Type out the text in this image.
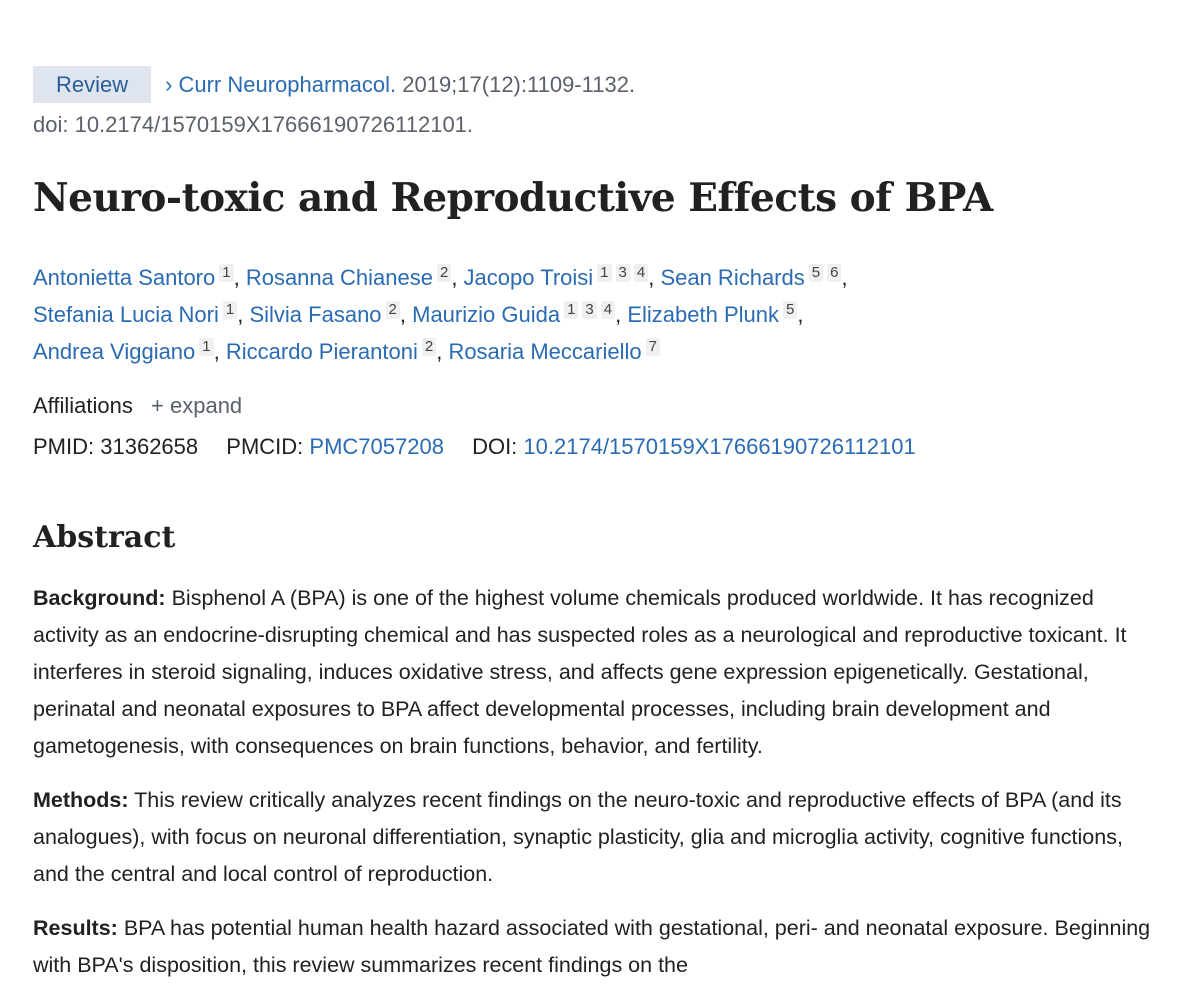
Review › Curr Neuropharmacol. 2019;17(12):1109-1132.
doi: 10.2174/1570159X17666190726112101.
Neuro-toxic and Reproductive Effects of BPA
Antonietta Santoro 1 , Rosanna Chianese 2 , Jacopo Troisi 1 3 4 , Sean Richards 5 6 ,
Stefania Lucia Nori 1 , Silvia Fasano 2 , Maurizio Guida 1 3 4 , Elizabeth Plunk 5 ,
Andrea Viggiano 1 , Riccardo Pierantoni 2 , Rosaria Meccariello 7
Affiliations + expand
PMID: 31362658 PMCID: PMC7057208 DOI: 10.2174/1570159X17666190726112101
Abstract

Background: Bisphenol A (BPA) is one of the highest volume chemicals produced worldwide. It has recognized activity as an endocrine-disrupting chemical and has suspected roles as a neurological and reproductive toxicant. It interferes in steroid signaling, induces oxidative stress, and affects gene expression epigenetically. Gestational, perinatal and neonatal exposures to BPA affect developmental processes, including brain development and gametogenesis, with consequences on brain functions, behavior, and fertility.

Methods: This review critically analyzes recent findings on the neuro-toxic and reproductive effects of BPA (and its analogues), with focus on neuronal differentiation, synaptic plasticity, glia and microglia activity, cognitive functions, and the central and local control of reproduction.

Results: BPA has potential human health hazard associated with gestational, peri- and neonatal exposure. Beginning with BPA's disposition, this review summarizes recent findings on the
